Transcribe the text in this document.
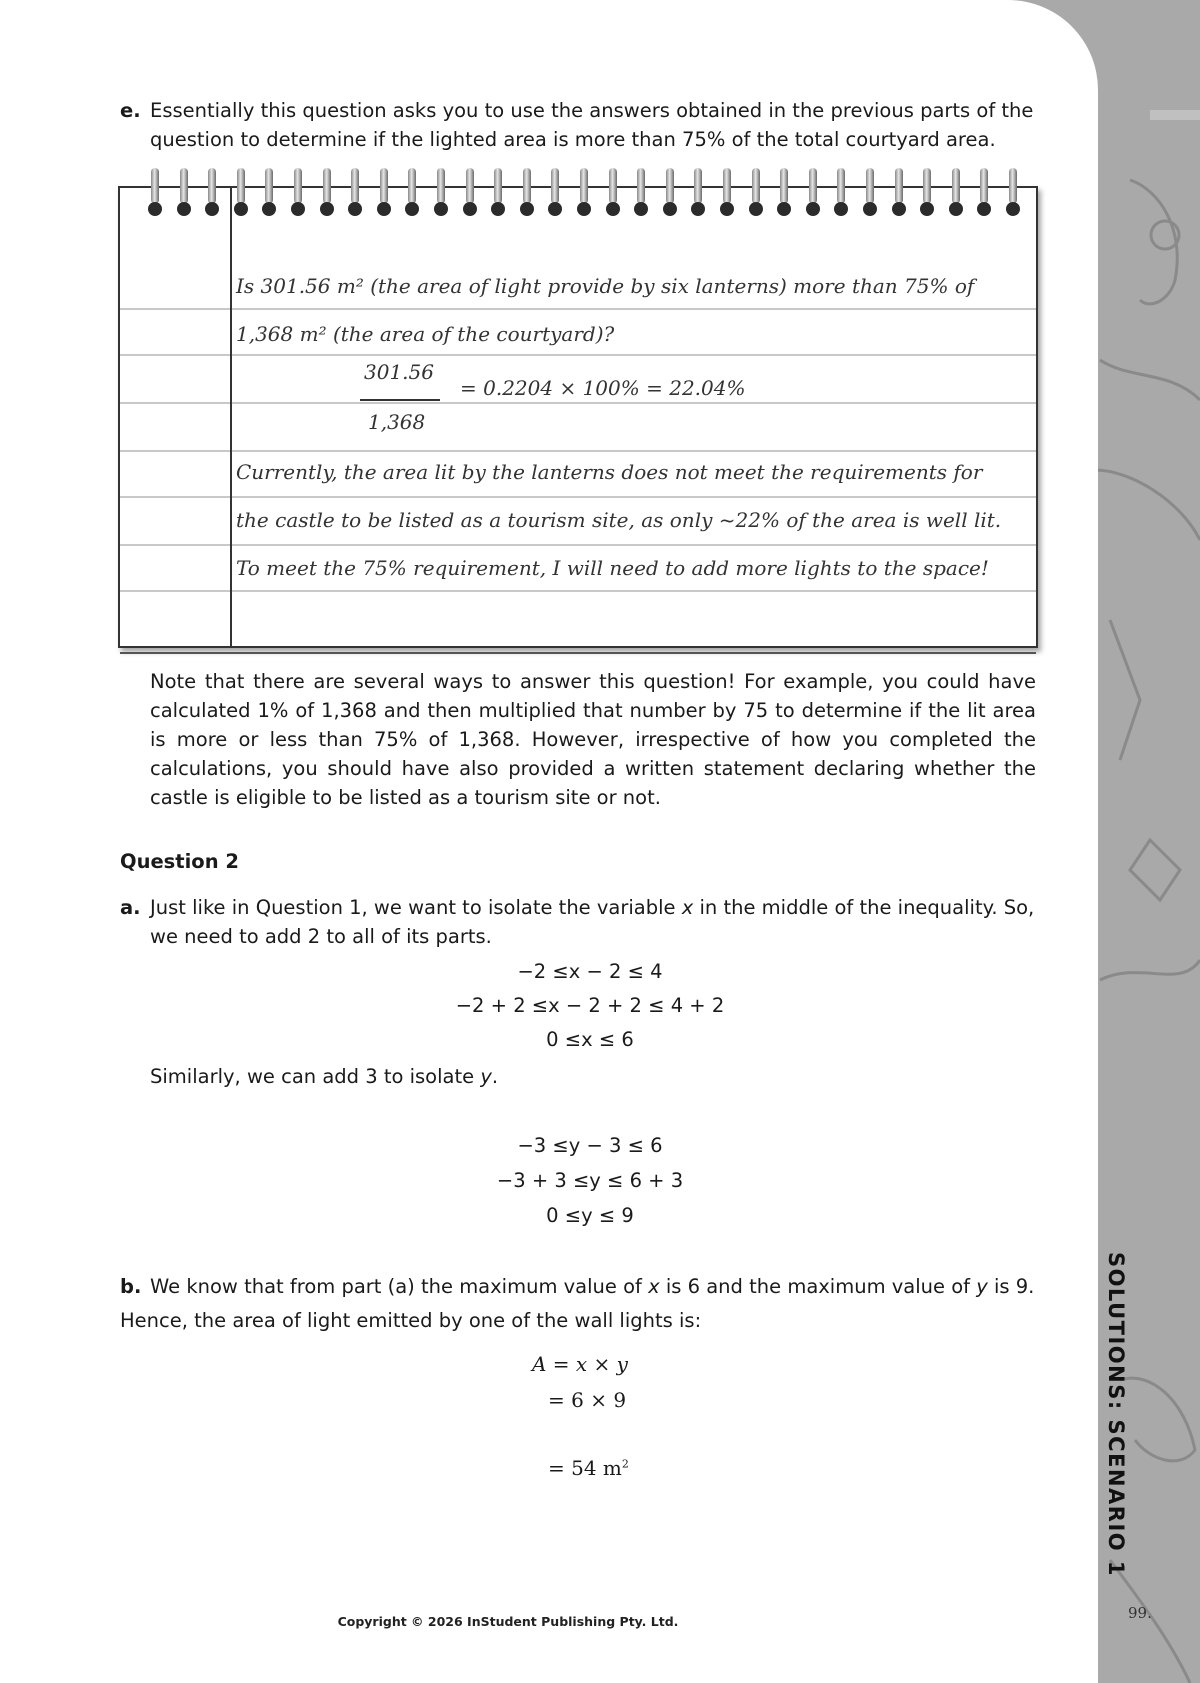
e. Essentially this question asks you to use the answers obtained in the previous parts of the question to determine if the lighted area is more than 75% of the total courtyard area.
Is 301.56 m² (the area of light provide by six lanterns) more than 75% of
1,368 m² (the area of the courtyard)?
301.56
1,368
= 0.2204 × 100% = 22.04%
Currently, the area lit by the lanterns does not meet the requirements for
the castle to be listed as a tourism site, as only ~22% of the area is well lit.
To meet the 75% requirement, I will need to add more lights to the space!
Note that there are several ways to answer this question! For example, you could have calculated 1% of 1,368 and then multiplied that number by 75 to determine if the lit area is more or less than 75% of 1,368. However, irrespective of how you completed the calculations, you should have also provided a written statement declaring whether the castle is eligible to be listed as a tourism site or not.
Question 2
a. Just like in Question 1, we want to isolate the variable x in the middle of the inequality. So, we need to add 2 to all of its parts.
−2 ≤x − 2 ≤ 4
−2 + 2 ≤x − 2 + 2 ≤ 4 + 2
0 ≤x ≤ 6
Similarly, we can add 3 to isolate y.
−3 ≤y − 3 ≤ 6
−3 + 3 ≤y ≤ 6 + 3
0 ≤y ≤ 9
b. We know that from part (a) the maximum value of x is 6 and the maximum value of y is 9.
Hence, the area of light emitted by one of the wall lights is:
A = x × y
= 6 × 9
= 54 $m^2$	SOLUTIONS: SCENARIO 1
99.
Copyright © 2026 InStudent Publishing Pty. Ltd.
